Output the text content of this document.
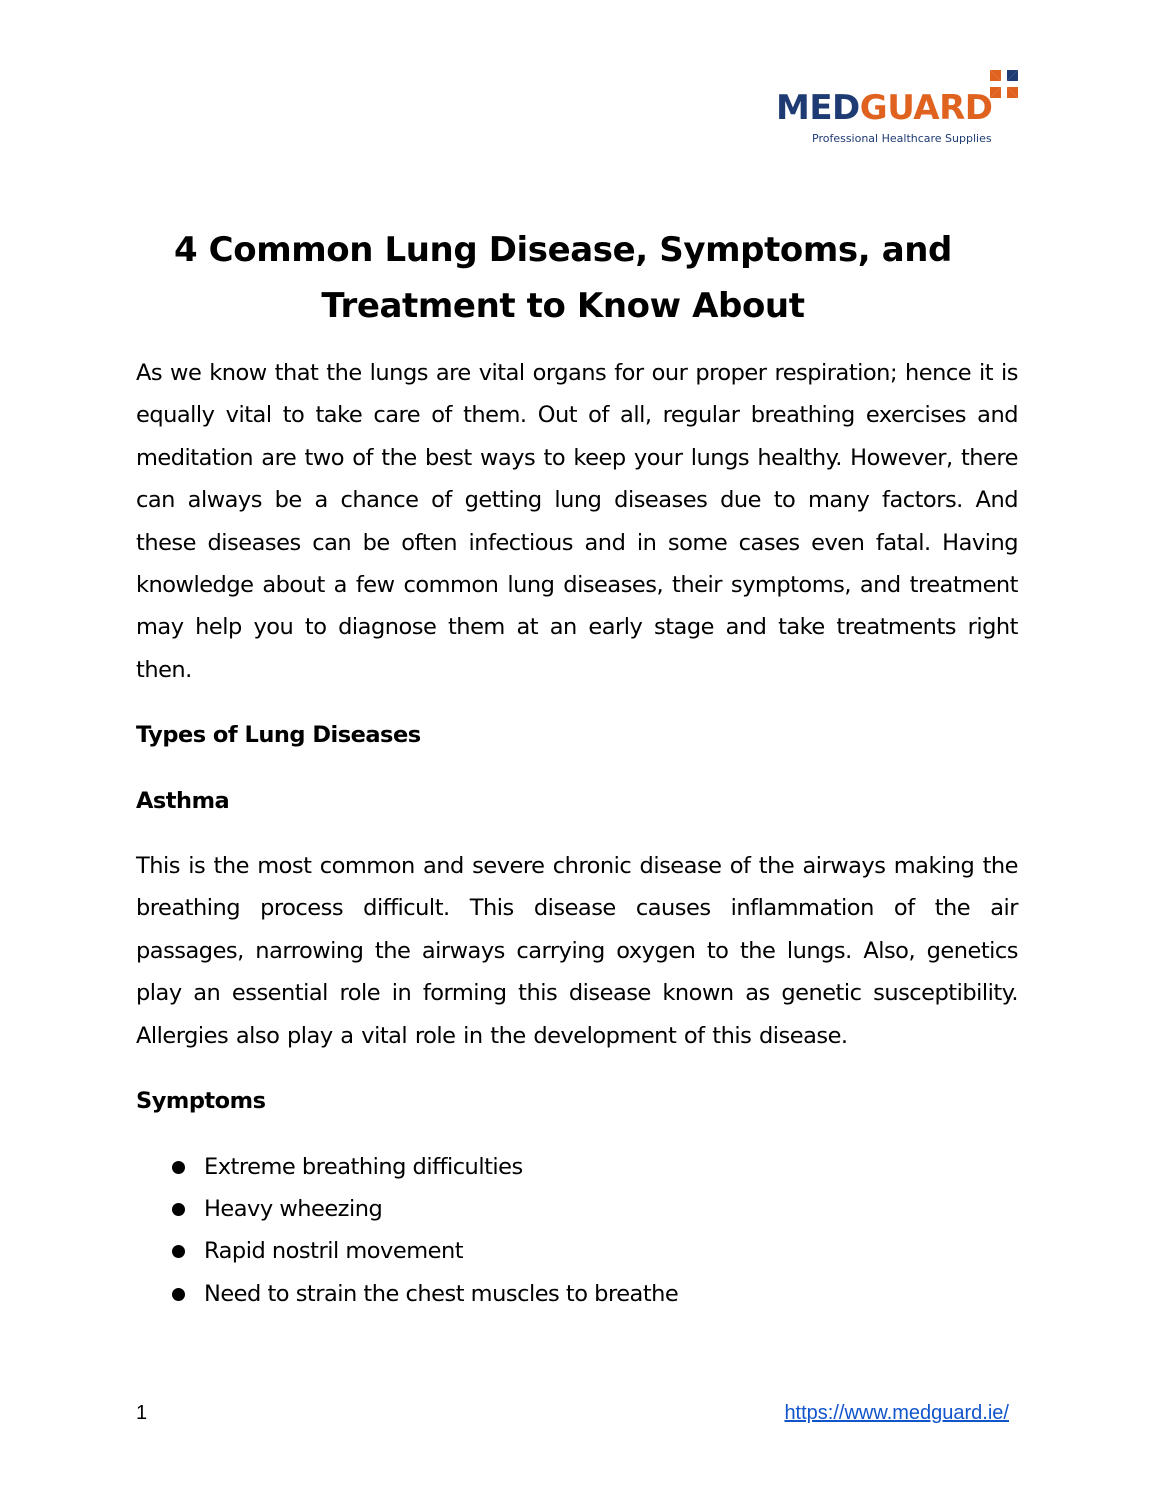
MEDGUARD
Professional Healthcare Supplies
4 Common Lung Disease, Symptoms, and Treatment to Know About

As we know that the lungs are vital organs for our proper respiration; hence it is equally vital to take care of them. Out of all, regular breathing exercises and meditation are two of the best ways to keep your lungs healthy. However, there can always be a chance of getting lung diseases due to many factors. And these diseases can be often infectious and in some cases even fatal. Having knowledge about a few common lung diseases, their symptoms, and treatment may help you to diagnose them at an early stage and take treatments right then.

Types of Lung Diseases
Asthma

This is the most common and severe chronic disease of the airways making the breathing process difficult. This disease causes inflammation of the air passages, narrowing the airways carrying oxygen to the lungs. Also, genetics play an essential role in forming this disease known as genetic susceptibility. Allergies also play a vital role in the development of this disease.

Symptoms
Extreme breathing difficulties
Heavy wheezing
Rapid nostril movement
Need to strain the chest muscles to breathe
1	https://www.medguard.ie/
